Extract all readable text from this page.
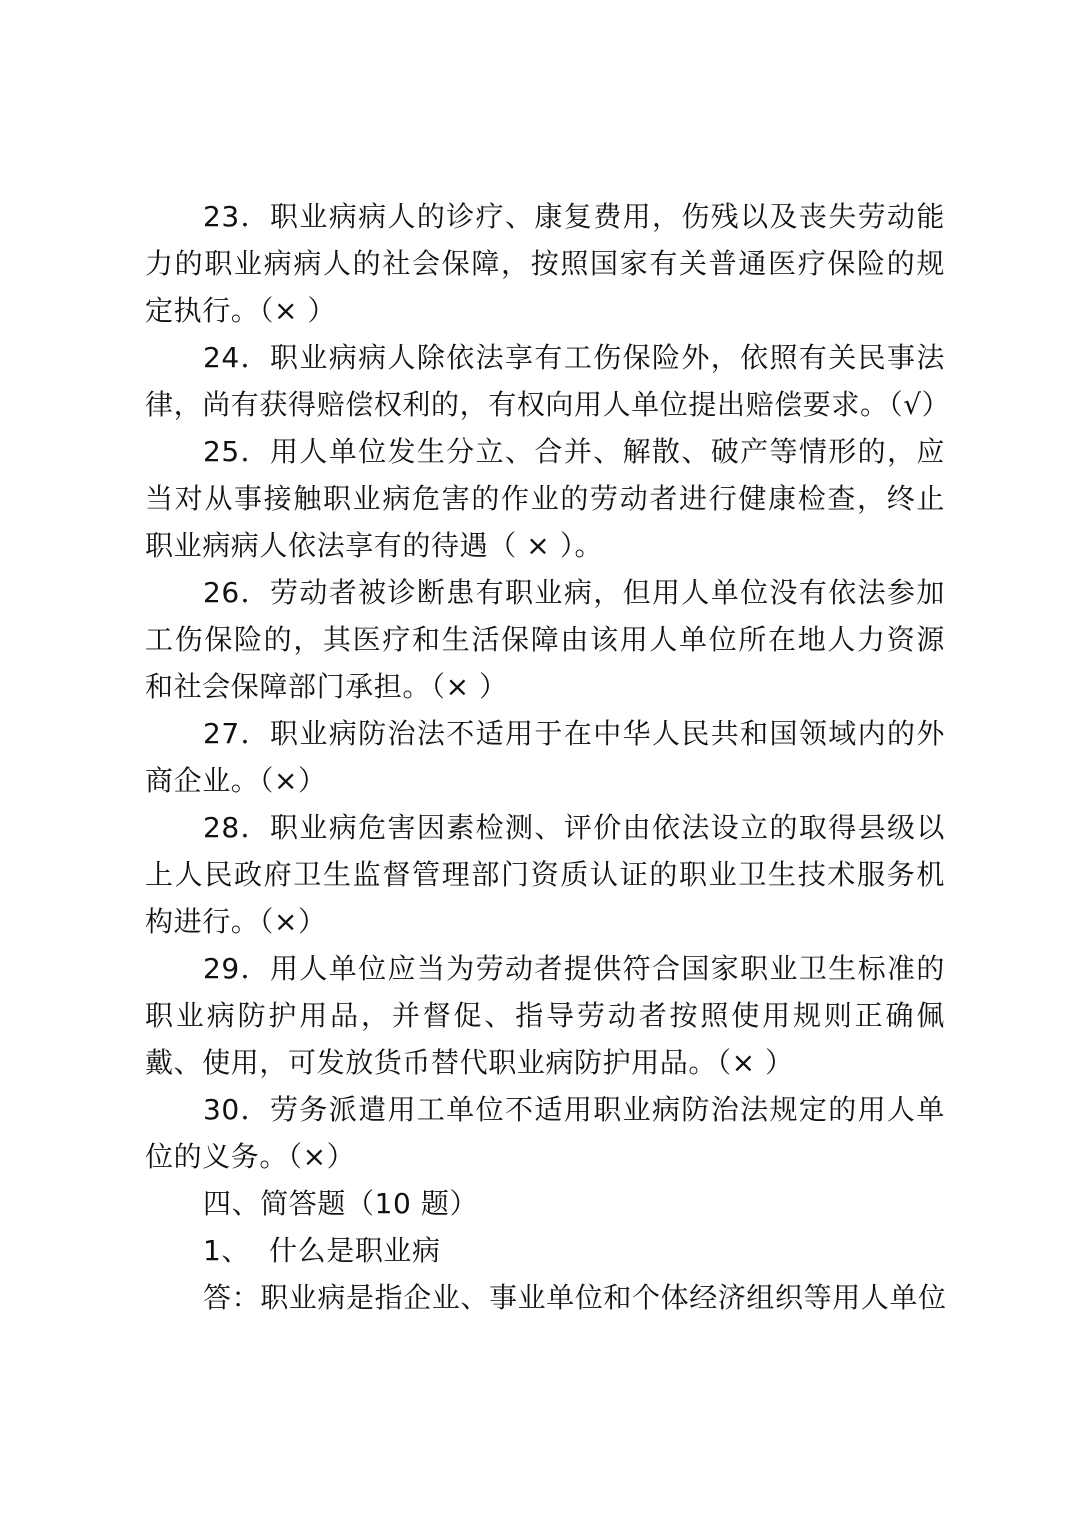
23．职业病病人的诊疗、康复费用，伤残以及丧失劳动能力的职业病病人的社会保障，按照国家有关普通医疗保险的规定执行。（× ）

24．职业病病人除依法享有工伤保险外，依照有关民事法律，尚有获得赔偿权利的，有权向用人单位提出赔偿要求。（√）

25．用人单位发生分立、合并、解散、破产等情形的，应当对从事接触职业病危害的作业的劳动者进行健康检查，终止职业病病人依法享有的待遇（ × ）。

26．劳动者被诊断患有职业病，但用人单位没有依法参加工伤保险的，其医疗和生活保障由该用人单位所在地人力资源和社会保障部门承担。（× ）

27．职业病防治法不适用于在中华人民共和国领域内的外商企业。（×）

28．职业病危害因素检测、评价由依法设立的取得县级以上人民政府卫生监督管理部门资质认证的职业卫生技术服务机构进行。（×）

29．用人单位应当为劳动者提供符合国家职业卫生标准的职业病防护用品，并督促、指导劳动者按照使用规则正确佩戴、使用，可发放货币替代职业病防护用品。（× ）

30．劳务派遣用工单位不适用职业病防治法规定的用人单位的义务。（×）

四、简答题（10 题）

1、  什么是职业病

答：职业病是指企业、事业单位和个体经济组织等用人单位
